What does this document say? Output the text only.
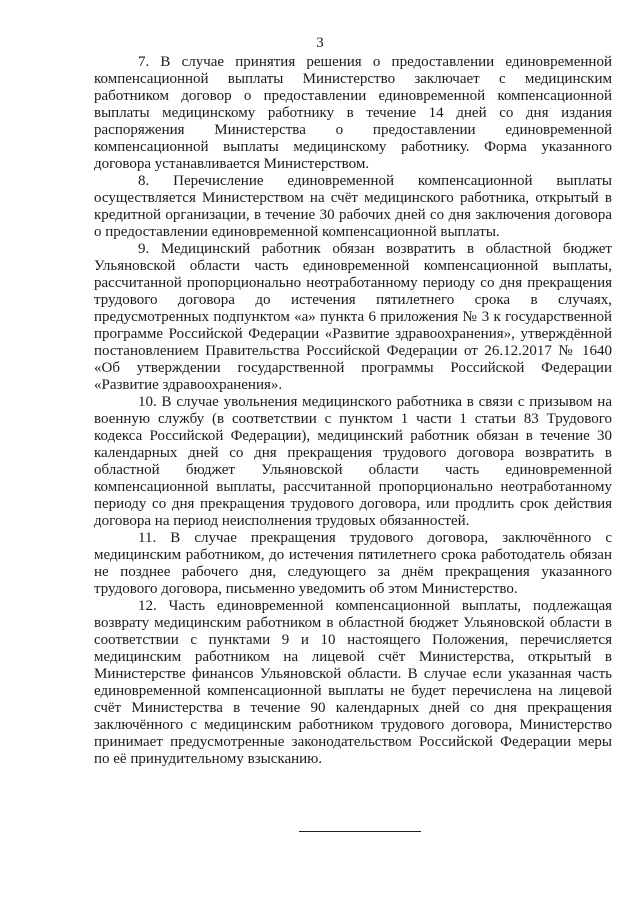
3

7. В случае принятия решения о предоставлении единовременной компенсационной выплаты Министерство заключает с медицинским работником договор о предоставлении единовременной компенсационной выплаты медицинскому работнику в течение 14 дней со дня издания распоряжения Министерства о предоставлении единовременной компенсационной выплаты медицинскому работнику. Форма указанного договора устанавливается Министерством.

8. Перечисление единовременной компенсационной выплаты осуществляется Министерством на счёт медицинского работника, открытый в кредитной организации, в течение 30 рабочих дней со дня заключения договора о предоставлении единовременной компенсационной выплаты.

9. Медицинский работник обязан возвратить в областной бюджет Ульяновской области часть единовременной компенсационной выплаты, рассчитанной пропорционально неотработанному периоду со дня прекращения трудового договора до истечения пятилетнего срока в случаях, предусмотренных подпунктом «а» пункта 6 приложения № 3 к государственной программе Российской Федерации «Развитие здравоохранения», утверждённой постановлением Правительства Российской Федерации от 26.12.2017 № 1640 «Об утверждении государственной программы Российской Федерации «Развитие здравоохранения».

10. В случае увольнения медицинского работника в связи с призывом на военную службу (в соответствии с пунктом 1 части 1 статьи 83 Трудового кодекса Российской Федерации), медицинский работник обязан в течение 30 календарных дней со дня прекращения трудового договора возвратить в областной бюджет Ульяновской области часть единовременной компенсационной выплаты, рассчитанной пропорционально неотработанному периоду со дня прекращения трудового договора, или продлить срок действия договора на период неисполнения трудовых обязанностей.

11. В случае прекращения трудового договора, заключённого с медицинским работником, до истечения пятилетнего срока работодатель обязан не позднее рабочего дня, следующего за днём прекращения указанного трудового договора, письменно уведомить об этом Министерство.

12. Часть единовременной компенсационной выплаты, подлежащая возврату медицинским работником в областной бюджет Ульяновской области в соответствии с пунктами 9 и 10 настоящего Положения, перечисляется медицинским работником на лицевой счёт Министерства, открытый в Министерстве финансов Ульяновской области. В случае если указанная часть единовременной компенсационной выплаты не будет перечислена на лицевой счёт Министерства в течение 90 календарных дней со дня прекращения заключённого с медицинским работником трудового договора, Министерство принимает предусмотренные законодательством Российской Федерации меры по её принудительному взысканию.
